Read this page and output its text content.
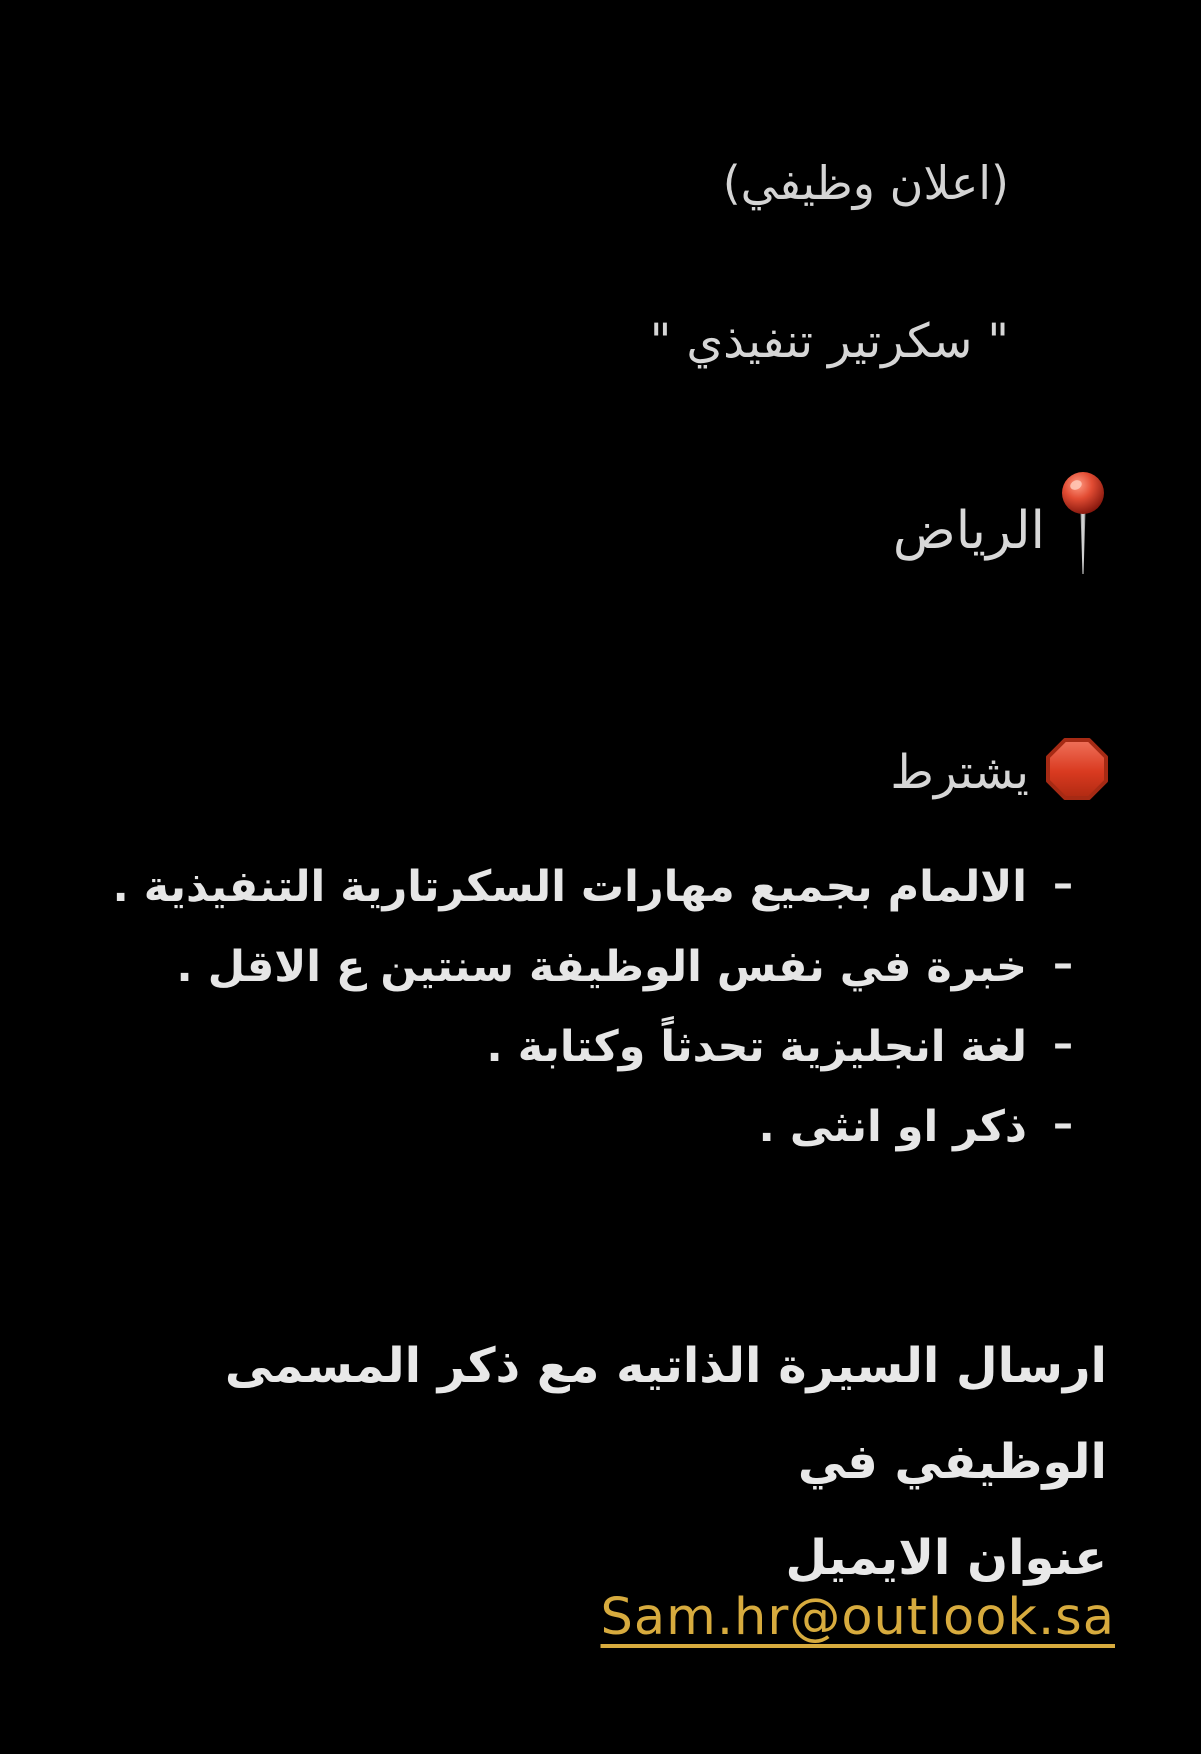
(اعلان وظيفي)
" سكرتير تنفيذي "
الرياض
يشترط
–
الالمام بجميع مهارات السكرتارية التنفيذية .
–
خبرة في نفس الوظيفة سنتين ع الاقل .
–
لغة انجليزية تحدثاً وكتابة .
–
ذكر او انثى .
ارسال السيرة الذاتيه مع ذكر المسمى الوظيفي في
عنوان الايميل
Sam.hr@outlook.sa
